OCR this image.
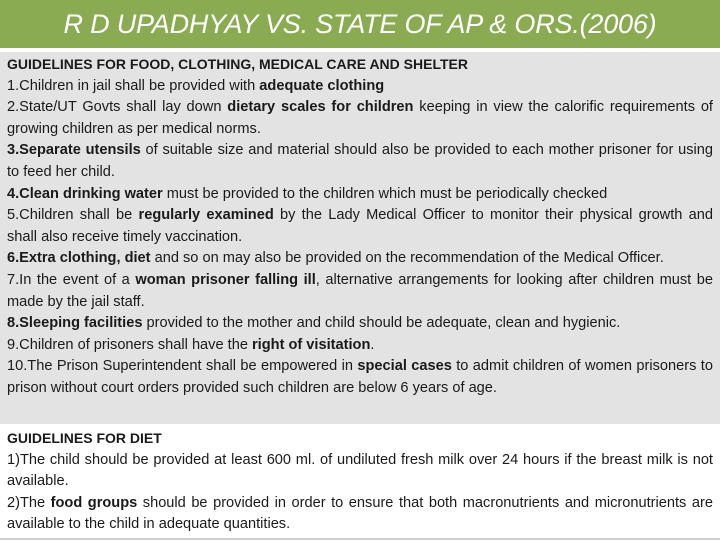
R D UPADHYAY VS. STATE OF AP & ORS.(2006)
GUIDELINES FOR FOOD, CLOTHING, MEDICAL CARE AND SHELTER

1.Children in jail shall be provided with adequate clothing

2.State/UT Govts shall lay down dietary scales for children keeping in view the calorific requirements of growing children as per medical norms.

3.Separate utensils of suitable size and material should also be provided to each mother prisoner for using to feed her child.

4.Clean drinking water must be provided to the children which must be periodically checked

5.Children shall be regularly examined by the Lady Medical Officer to monitor their physical growth and shall also receive timely vaccination.

6.Extra clothing, diet and so on may also be provided on the recommendation of the Medical Officer.

7.In the event of a woman prisoner falling ill, alternative arrangements for looking after children must be made by the jail staff.

8.Sleeping facilities provided to the mother and child should be adequate, clean and hygienic.

9.Children of prisoners shall have the right of visitation.

10.The Prison Superintendent shall be empowered in special cases to admit children of women prisoners to prison without court orders provided such children are below 6 years of age.

GUIDELINES FOR DIET

1)The child should be provided at least 600 ml. of undiluted fresh milk over 24 hours if the breast milk is not available.

2)The food groups should be provided in order to ensure that both macronutrients and micronutrients are available to the child in adequate quantities.
